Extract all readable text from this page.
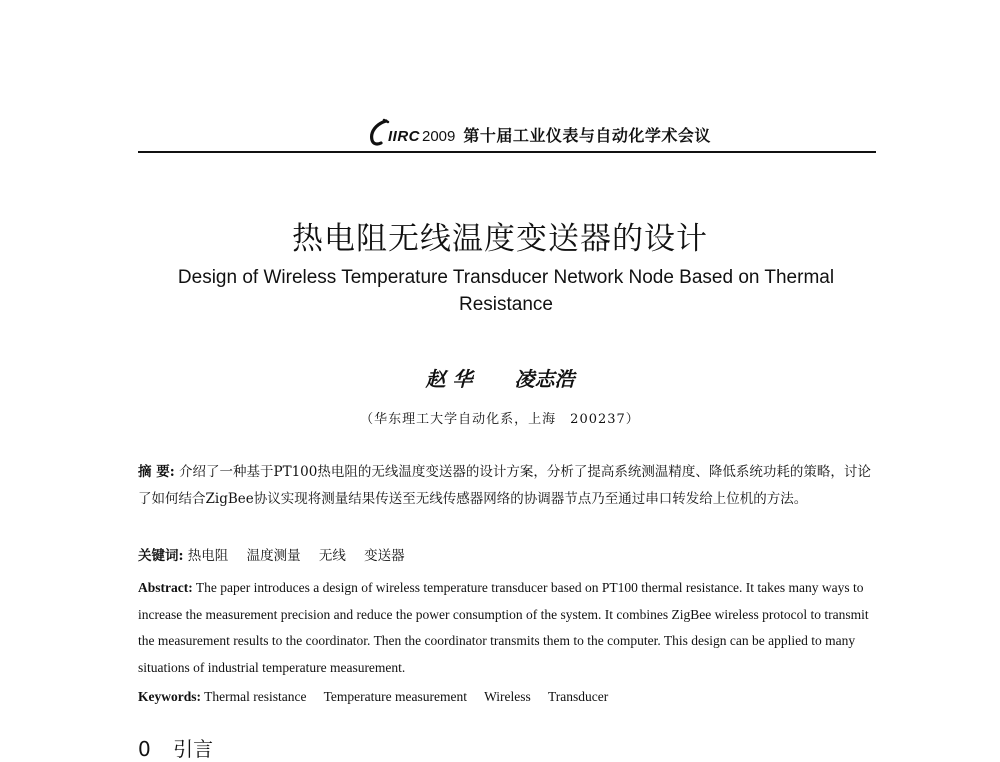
IIRC 2009 第十届工业仪表与自动化学术会议
热电阻无线温度变送器的设计
Design of Wireless Temperature Transducer Network Node Based on Thermal Resistance
赵 华 凌志浩
（华东理工大学自动化系，上海　200237）
摘 要: 介绍了一种基于PT100热电阻的无线温度变送器的设计方案，分析了提高系统测温精度、降低系统功耗的策略，讨论了如何结合ZigBee协议实现将测量结果传送至无线传感器网络的协调器节点乃至通过串口转发给上位机的方法。
关键词: 热电阻 温度测量 无线 变送器
Abstract: The paper introduces a design of wireless temperature transducer based on PT100 thermal resistance. It takes many ways to increase the measurement precision and reduce the power consumption of the system. It combines ZigBee wireless protocol to transmit the measurement results to the coordinator. Then the coordinator transmits them to the computer. This design can be applied to many situations of industrial temperature measurement.
Keywords: Thermal resistance Temperature measurement Wireless Transducer
0 引言
